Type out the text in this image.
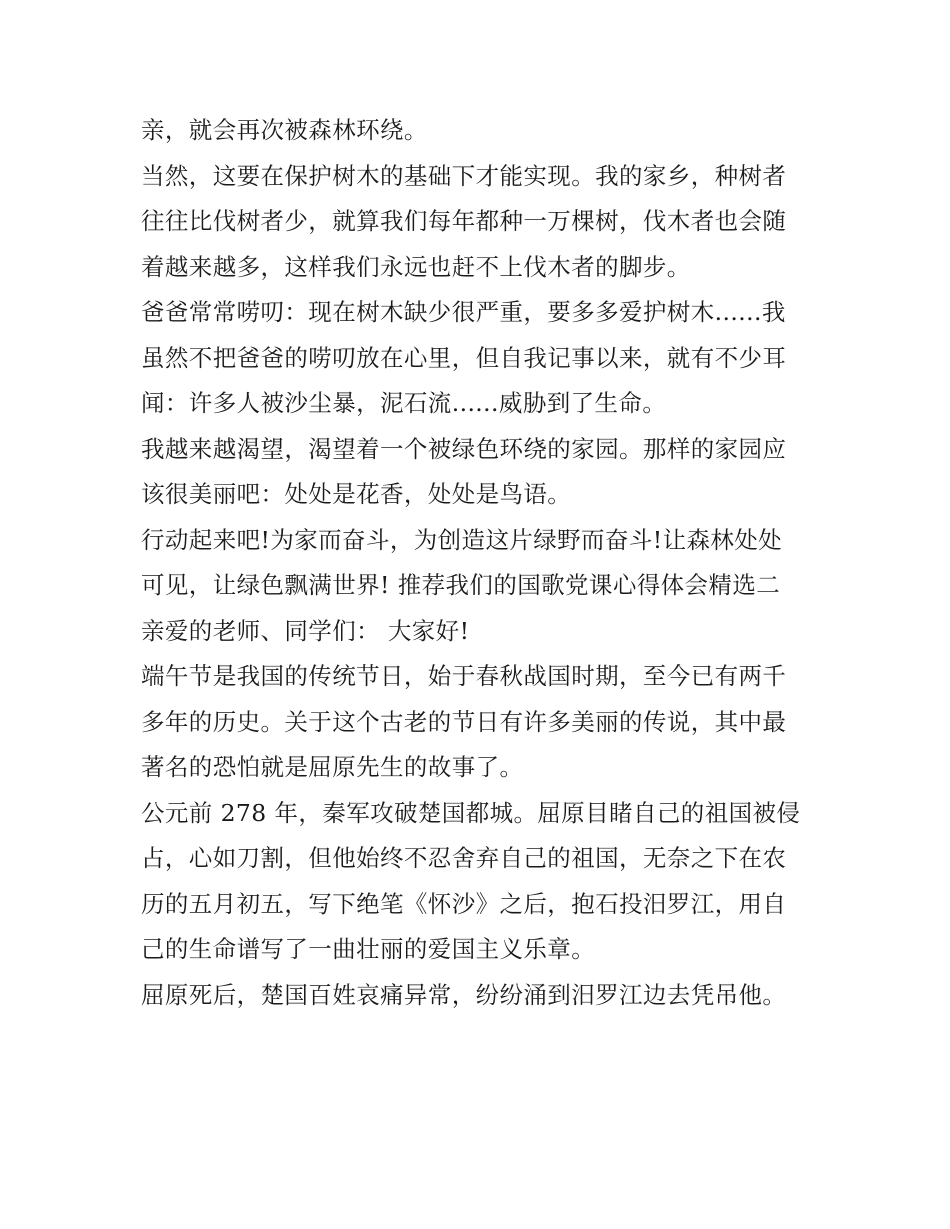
亲，就会再次被森林环绕。
当然，这要在保护树木的基础下才能实现。我的家乡，种树者
往往比伐树者少，就算我们每年都种一万棵树，伐木者也会随
着越来越多，这样我们永远也赶不上伐木者的脚步。
爸爸常常唠叨：现在树木缺少很严重，要多多爱护树木......我
虽然不把爸爸的唠叨放在心里，但自我记事以来，就有不少耳
闻：许多人被沙尘暴，泥石流......威胁到了生命。
我越来越渴望，渴望着一个被绿色环绕的家园。那样的家园应
该很美丽吧：处处是花香，处处是鸟语。
行动起来吧!为家而奋斗，为创造这片绿野而奋斗!让森林处处
可见，让绿色飘满世界! 推荐我们的国歌党课心得体会精选二
亲爱的老师、同学们： 大家好!
端午节是我国的传统节日，始于春秋战国时期，至今已有两千
多年的历史。关于这个古老的节日有许多美丽的传说，其中最
著名的恐怕就是屈原先生的故事了。
公元前 278 年，秦军攻破楚国都城。屈原目睹自己的祖国被侵
占，心如刀割，但他始终不忍舍弃自己的祖国，无奈之下在农
历的五月初五，写下绝笔《怀沙》之后，抱石投汨罗江，用自
己的生命谱写了一曲壮丽的爱国主义乐章。
屈原死后，楚国百姓哀痛异常，纷纷涌到汨罗江边去凭吊他。
